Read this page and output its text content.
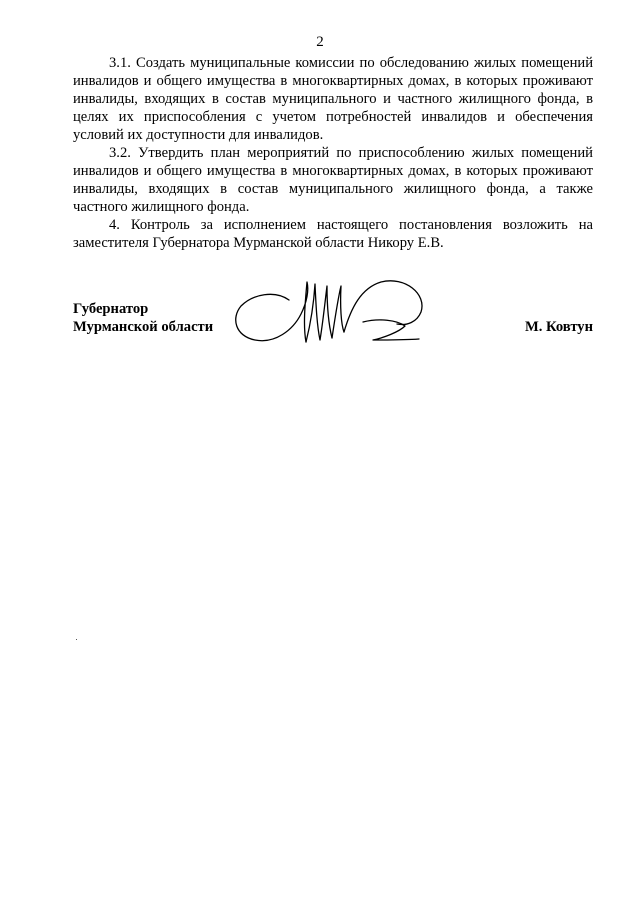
2

3.1. Создать муниципальные комиссии по обследованию жилых помещений инвалидов и общего имущества в многоквартирных домах, в которых проживают инвалиды, входящих в состав муниципального и частного жилищного фонда, в целях их приспособления с учетом потребностей инвалидов и обеспечения условий их доступности для инвалидов.

3.2. Утвердить план мероприятий по приспособлению жилых помещений инвалидов и общего имущества в многоквартирных домах, в которых проживают инвалиды, входящих в состав муниципального жилищного фонда, а также частного жилищного фонда.

4. Контроль за исполнением настоящего постановления возложить на заместителя Губернатора Мурманской области Никору Е.В.

Губернатор
Мурманской области	М. Ковтун
